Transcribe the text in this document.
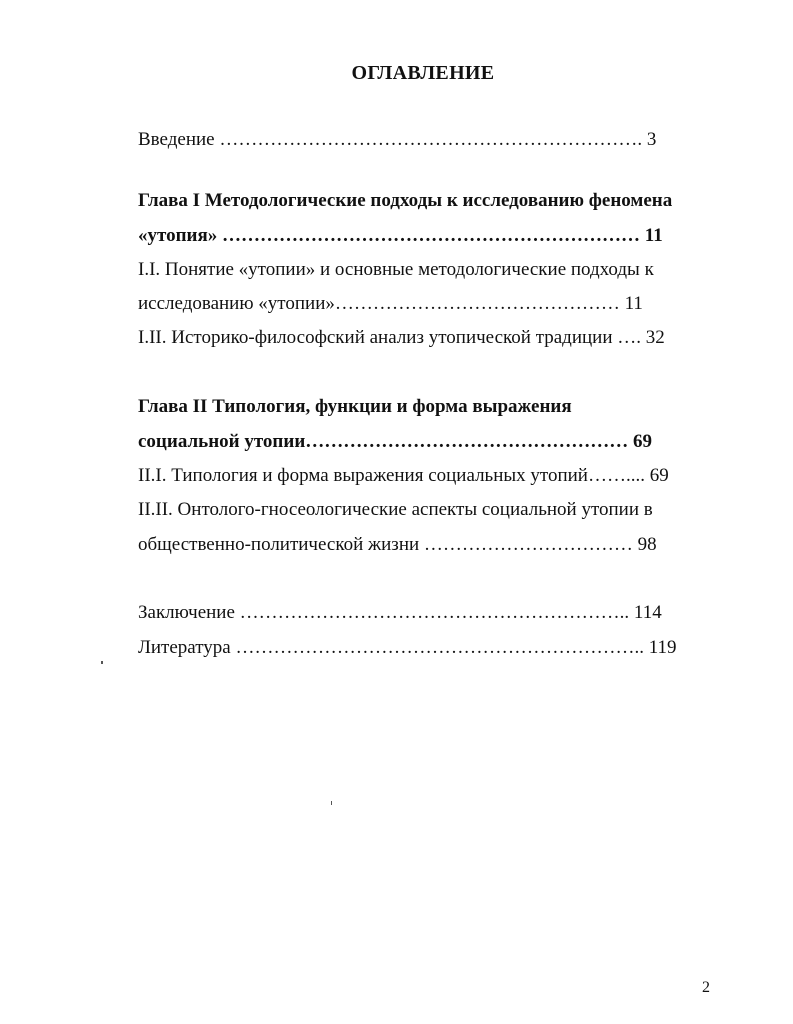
ОГЛАВЛЕНИЕ
Введение …………………………………………………………. 3
Глава I Методологические подходы к исследованию феномена
«утопия» ………………………………………………………… 11
I.I. Понятие «утопии» и основные методологические подходы к
исследованию «утопии»……………………………………… 11
I.II. Историко-философский анализ утопической традиции …. 32
Глава II Типология, функции и форма выражения
социальной утопии…………………………………………… 69
II.I. Типология и форма выражения социальных утопий…….... 69
II.II. Онтолого-гносеологические аспекты социальной утопии в
общественно-политической жизни …………………………… 98
Заключение …………………………………………………….. 114
Литература ……………………………………………………….. 119
2
